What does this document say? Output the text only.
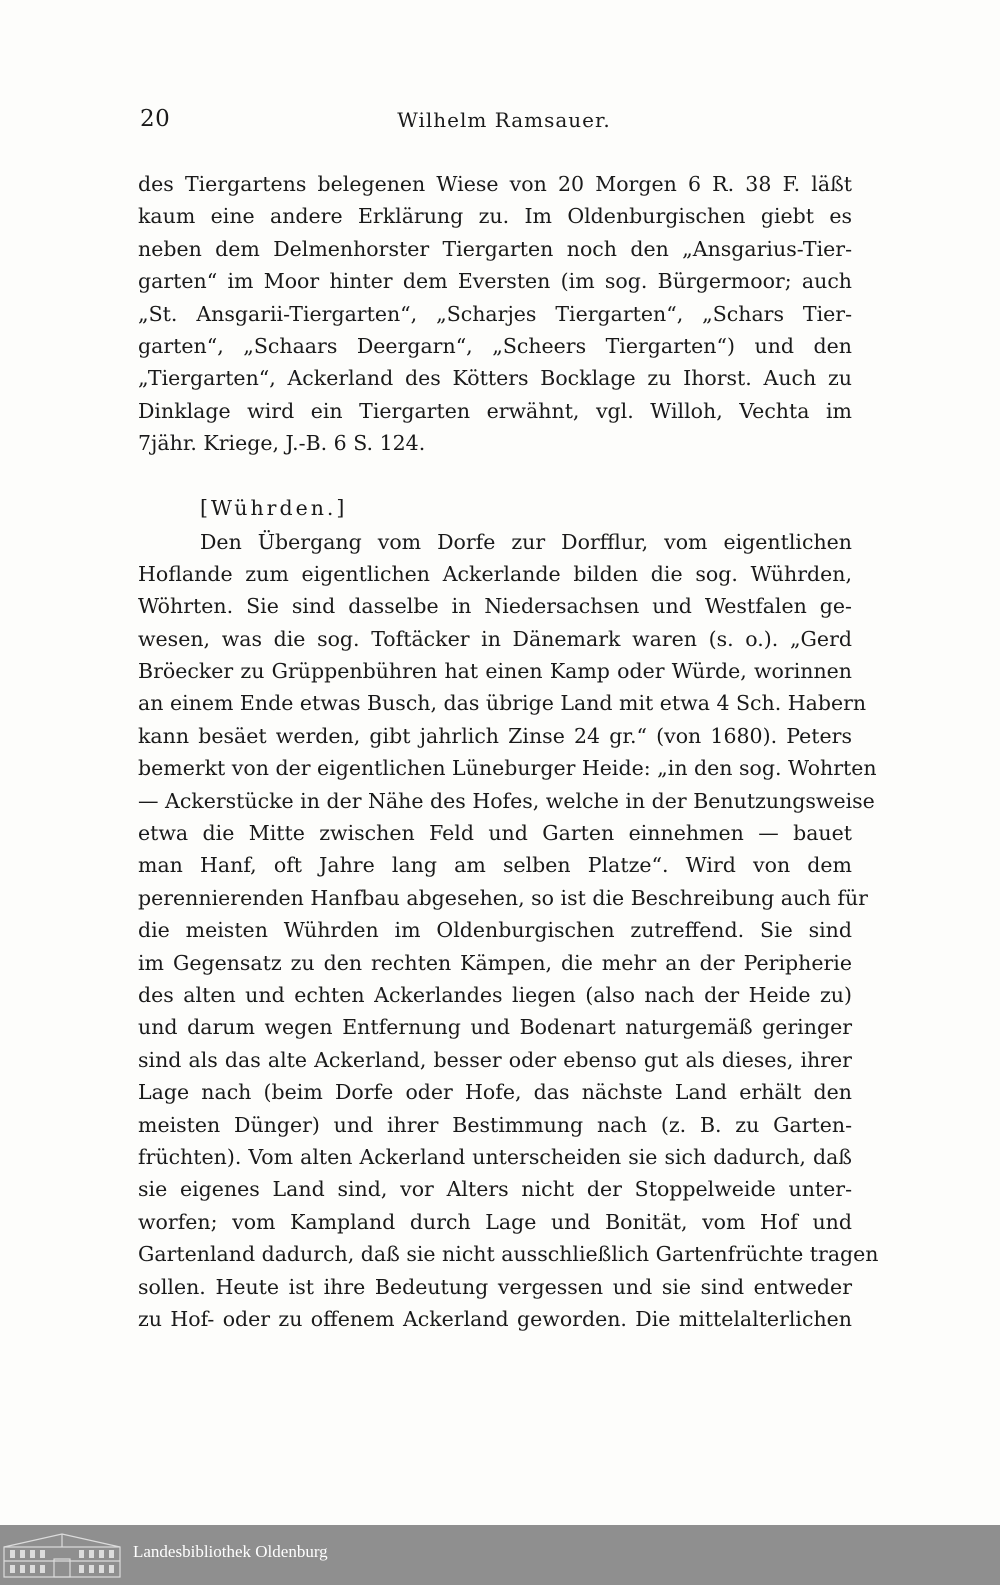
20	Wilhelm Ramsauer.
des Tiergartens belegenen Wiese von 20 Morgen 6 R. 38 F. läßt
kaum eine andere Erklärung zu. Im Oldenburgischen giebt es
neben dem Delmenhorster Tiergarten noch den „Ansgarius-Tier-
garten“ im Moor hinter dem Eversten (im sog. Bürgermoor; auch
„St. Ansgarii-Tiergarten“, „Scharjes Tiergarten“, „Schars Tier-
garten“, „Schaars Deergarn“, „Scheers Tiergarten“) und den
„Tiergarten“, Ackerland des Kötters Bocklage zu Ihorst. Auch zu
Dinklage wird ein Tiergarten erwähnt, vgl. Willoh, Vechta im
7jähr. Kriege, J.-B. 6 S. 124.
[Wührden.]
Den Übergang vom Dorfe zur Dorfflur, vom eigentlichen
Hoflande zum eigentlichen Ackerlande bilden die sog. Wührden,
Wöhrten. Sie sind dasselbe in Niedersachsen und Westfalen ge-
wesen, was die sog. Toftäcker in Dänemark waren (s. o.). „Gerd
Bröecker zu Grüppenbühren hat einen Kamp oder Würde, worinnen
an einem Ende etwas Busch, das übrige Land mit etwa 4 Sch. Habern
kann besäet werden, gibt jahrlich Zinse 24 gr.“ (von 1680). Peters
bemerkt von der eigentlichen Lüneburger Heide: „in den sog. Wohrten
— Ackerstücke in der Nähe des Hofes, welche in der Benutzungsweise
etwa die Mitte zwischen Feld und Garten einnehmen — bauet
man Hanf, oft Jahre lang am selben Platze“. Wird von dem
perennierenden Hanfbau abgesehen, so ist die Beschreibung auch für
die meisten Wührden im Oldenburgischen zutreffend. Sie sind
im Gegensatz zu den rechten Kämpen, die mehr an der Peripherie
des alten und echten Ackerlandes liegen (also nach der Heide zu)
und darum wegen Entfernung und Bodenart naturgemäß geringer
sind als das alte Ackerland, besser oder ebenso gut als dieses, ihrer
Lage nach (beim Dorfe oder Hofe, das nächste Land erhält den
meisten Dünger) und ihrer Bestimmung nach (z. B. zu Garten-
früchten). Vom alten Ackerland unterscheiden sie sich dadurch, daß
sie eigenes Land sind, vor Alters nicht der Stoppelweide unter-
worfen; vom Kampland durch Lage und Bonität, vom Hof und
Gartenland dadurch, daß sie nicht ausschließlich Gartenfrüchte tragen
sollen. Heute ist ihre Bedeutung vergessen und sie sind entweder
zu Hof- oder zu offenem Ackerland geworden. Die mittelalterlichen
Landesbibliothek Oldenburg
